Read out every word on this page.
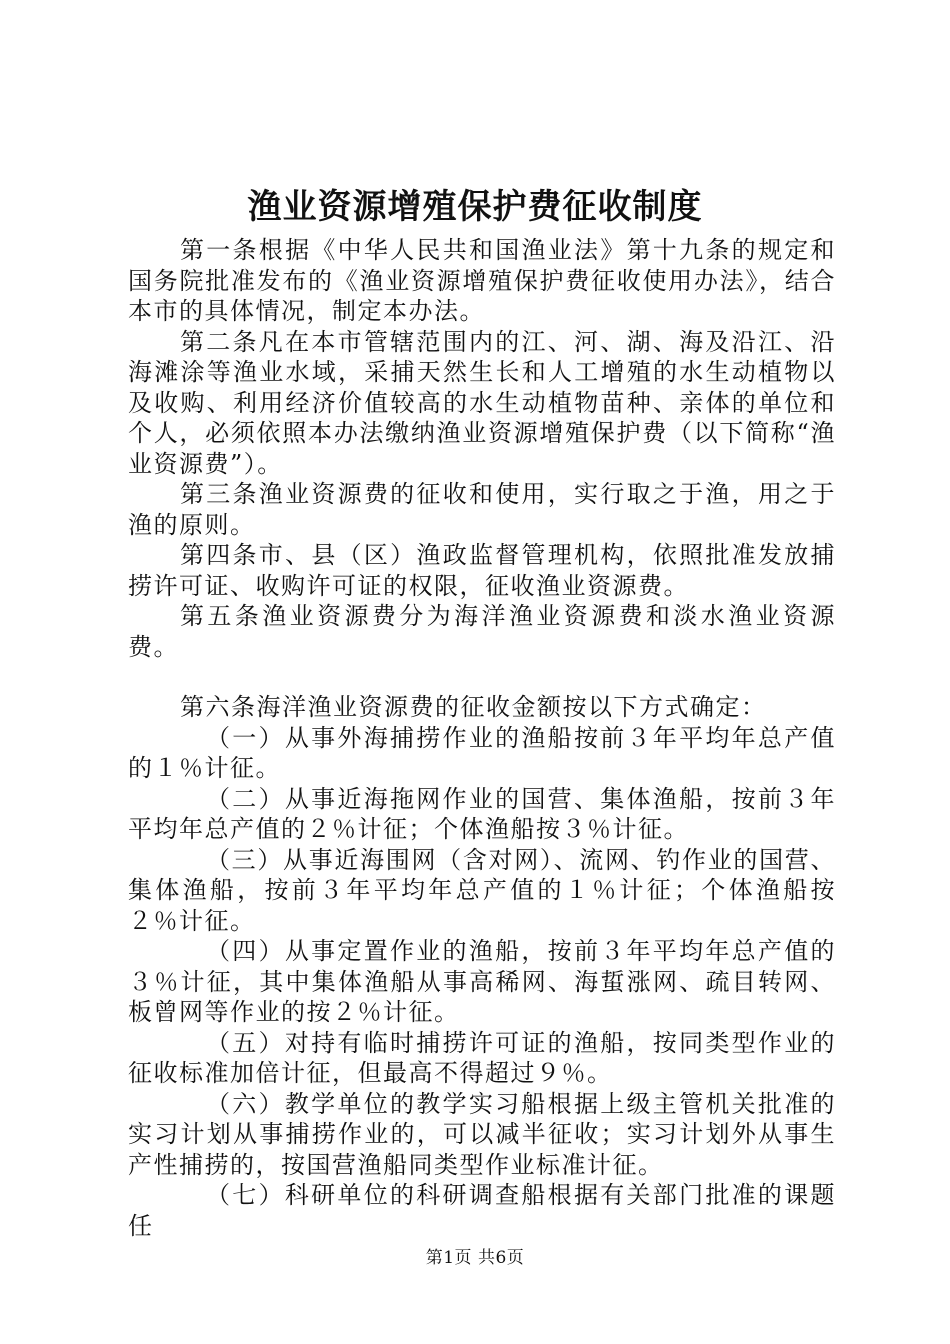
渔业资源增殖保护费征收制度

第一条根据《中华人民共和国渔业法》第十九条的规定和国务院批准发布的《渔业资源增殖保护费征收使用办法》，结合本市的具体情况，制定本办法。

第二条凡在本市管辖范围内的江、河、湖、海及沿江、沿海滩涂等渔业水域，采捕天然生长和人工增殖的水生动植物以及收购、利用经济价值较高的水生动植物苗种、亲体的单位和个人，必须依照本办法缴纳渔业资源增殖保护费（以下简称“渔业资源费”）。

第三条渔业资源费的征收和使用，实行取之于渔，用之于渔的原则。

第四条市、县（区）渔政监督管理机构，依照批准发放捕捞许可证、收购许可证的权限，征收渔业资源费。

第五条渔业资源费分为海洋渔业资源费和淡水渔业资源费。

第六条海洋渔业资源费的征收金额按以下方式确定：

（一）从事外海捕捞作业的渔船按前３年平均年总产值的１％计征。

（二）从事近海拖网作业的国营、集体渔船，按前３年平均年总产值的２％计征；个体渔船按３％计征。

（三）从事近海围网（含对网）、流网、钓作业的国营、集体渔船，按前３年平均年总产值的１％计征；个体渔船按２％计征。

（四）从事定置作业的渔船，按前３年平均年总产值的３％计征，其中集体渔船从事高稀网、海蜇涨网、疏目转网、板曾网等作业的按２％计征。

（五）对持有临时捕捞许可证的渔船，按同类型作业的征收标准加倍计征，但最高不得超过９％。

（六）教学单位的教学实习船根据上级主管机关批准的实习计划从事捕捞作业的，可以减半征收；实习计划外从事生产性捕捞的，按国营渔船同类型作业标准计征。

（七）科研单位的科研调查船根据有关部门批准的课题任

第1页 共6页
